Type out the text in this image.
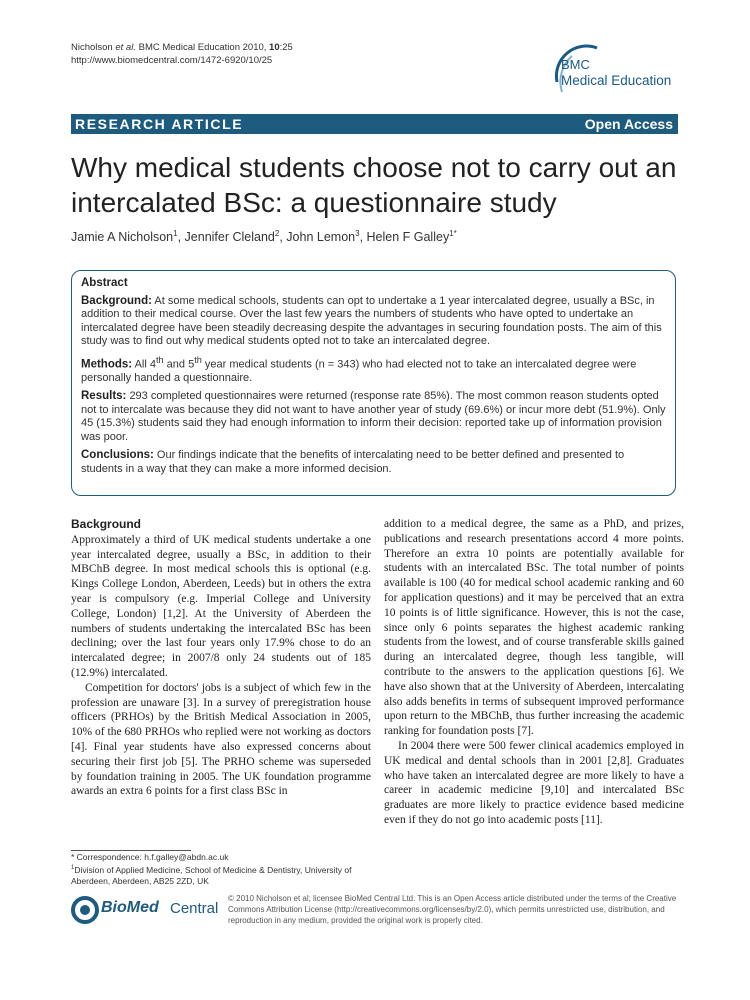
Nicholson et al. BMC Medical Education 2010, 10:25
http://www.biomedcentral.com/1472-6920/10/25	BMC
Medical Education
RESEARCH ARTICLE	Open Access
Why medical students choose not to carry out an intercalated BSc: a questionnaire study
Jamie A Nicholson$^1$, Jennifer Cleland$^2$, John Lemon$^3$, Helen F Galley$^{1*}$
Abstract

Background: At some medical schools, students can opt to undertake a 1 year intercalated degree, usually a BSc, in addition to their medical course. Over the last few years the numbers of students who have opted to undertake an intercalated degree have been steadily decreasing despite the advantages in securing foundation posts. The aim of this study was to find out why medical students opted not to take an intercalated degree.

Methods: All 4th and 5th year medical students (n = 343) who had elected not to take an intercalated degree were personally handed a questionnaire.

Results: 293 completed questionnaires were returned (response rate 85%). The most common reason students opted not to intercalate was because they did not want to have another year of study (69.6%) or incur more debt (51.9%). Only 45 (15.3%) students said they had enough information to inform their decision: reported take up of information provision was poor.

Conclusions: Our findings indicate that the benefits of intercalating need to be better defined and presented to students in a way that they can make a more informed decision.

Background

Approximately a third of UK medical students undertake a one year intercalated degree, usually a BSc, in addition to their MBChB degree. In most medical schools this is optional (e.g. Kings College London, Aberdeen, Leeds) but in others the extra year is compulsory (e.g. Imperial College and University College, London) [1,2]. At the University of Aberdeen the numbers of students undertaking the intercalated BSc has been declining; over the last four years only 17.9% chose to do an intercalated degree; in 2007/8 only 24 students out of 185 (12.9%) intercalated.

Competition for doctors' jobs is a subject of which few in the profession are unaware [3]. In a survey of preregistration house officers (PRHOs) by the British Medical Association in 2005, 10% of the 680 PRHOs who replied were not working as doctors [4]. Final year students have also expressed concerns about securing their first job [5]. The PRHO scheme was superseded by foundation training in 2005. The UK foundation programme awards an extra 6 points for a first class BSc in

addition to a medical degree, the same as a PhD, and prizes, publications and research presentations accord 4 more points. Therefore an extra 10 points are potentially available for students with an intercalated BSc. The total number of points available is 100 (40 for medical school academic ranking and 60 for application questions) and it may be perceived that an extra 10 points is of little significance. However, this is not the case, since only 6 points separates the highest academic ranking students from the lowest, and of course transferable skills gained during an intercalated degree, though less tangible, will contribute to the answers to the application questions [6]. We have also shown that at the University of Aberdeen, intercalating also adds benefits in terms of subsequent improved performance upon return to the MBChB, thus further increasing the academic ranking for foundation posts [7].

In 2004 there were 500 fewer clinical academics employed in UK medical and dental schools than in 2001 [2,8]. Graduates who have taken an intercalated degree are more likely to have a career in academic medicine [9,10] and intercalated BSc graduates are more likely to practice evidence based medicine even if they do not go into academic posts [11].

* Correspondence: h.f.galley@abdn.ac.uk
$^1$Division of Applied Medicine, School of Medicine & Dentistry, University of Aberdeen, Aberdeen, AB25 2ZD, UK
BioMed Central
© 2010 Nicholson et al; licensee BioMed Central Ltd. This is an Open Access article distributed under the terms of the Creative Commons Attribution License (http://creativecommons.org/licenses/by/2.0), which permits unrestricted use, distribution, and reproduction in any medium, provided the original work is properly cited.
